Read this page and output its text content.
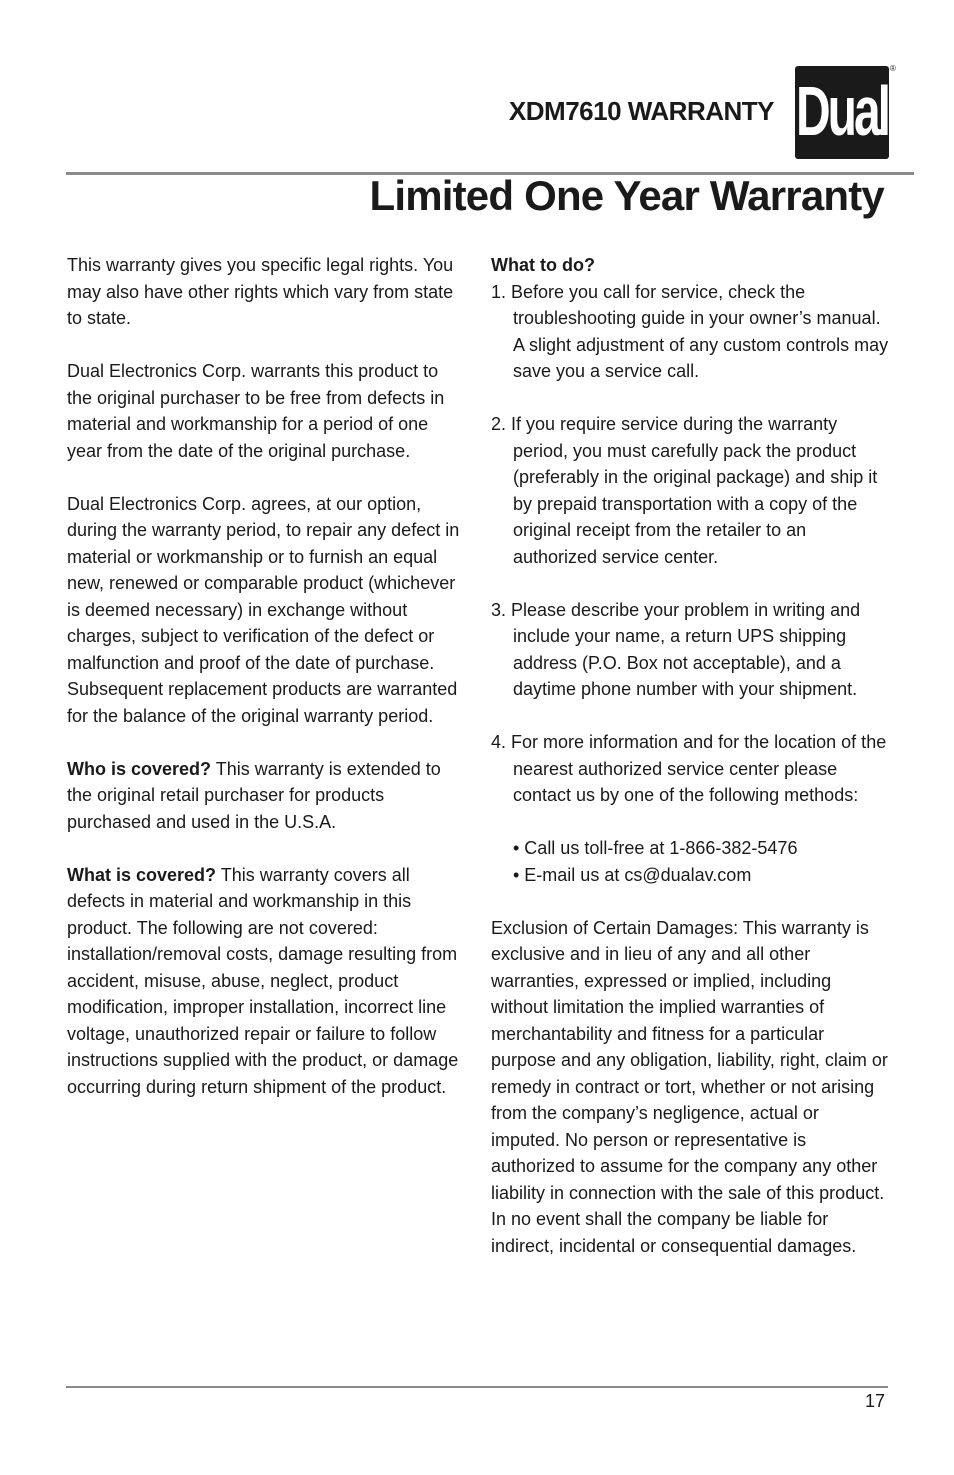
XDM7610 WARRANTY Dual
®
Limited One Year Warranty

This warranty gives you specific legal rights. You may also have other rights which vary from state to state.

Dual Electronics Corp. warrants this product to the original purchaser to be free from defects in material and workmanship for a period of one year from the date of the original purchase.

Dual Electronics Corp. agrees, at our option, during the warranty period, to repair any defect in material or workmanship or to furnish an equal new, renewed or comparable product (whichever is deemed necessary) in exchange without charges, subject to verification of the defect or malfunction and proof of the date of purchase. Subsequent replacement products are warranted for the balance of the original warranty period.

Who is covered? This warranty is extended to the original retail purchaser for products purchased and used in the U.S.A.

What is covered? This warranty covers all defects in material and workmanship in this product. The following are not covered: installation/removal costs, damage resulting from accident, misuse, abuse, neglect, product modification, improper installation, incorrect line voltage, unauthorized repair or failure to follow instructions supplied with the product, or damage occurring during return shipment of the product.

What to do?
1. Before you call for service, check the troubleshooting guide in your owner’s manual. A slight adjustment of any custom controls may save you a service call.
2. If you require service during the warranty period, you must carefully pack the product (preferably in the original package) and ship it by prepaid transportation with a copy of the original receipt from the retailer to an authorized service center.
3. Please describe your problem in writing and include your name, a return UPS shipping address (P.O. Box not acceptable), and a daytime phone number with your shipment.
4. For more information and for the location of the nearest authorized service center please contact us by one of the following methods:
• Call us toll-free at 1-866-382-5476
• E-mail us at cs@dualav.com

Exclusion of Certain Damages: This warranty is exclusive and in lieu of any and all other warranties, expressed or implied, including without limitation the implied warranties of merchantability and fitness for a particular purpose and any obligation, liability, right, claim or remedy in contract or tort, whether or not arising from the company’s negligence, actual or imputed. No person or representative is authorized to assume for the company any other liability in connection with the sale of this product. In no event shall the company be liable for indirect, incidental or consequential damages.

17
